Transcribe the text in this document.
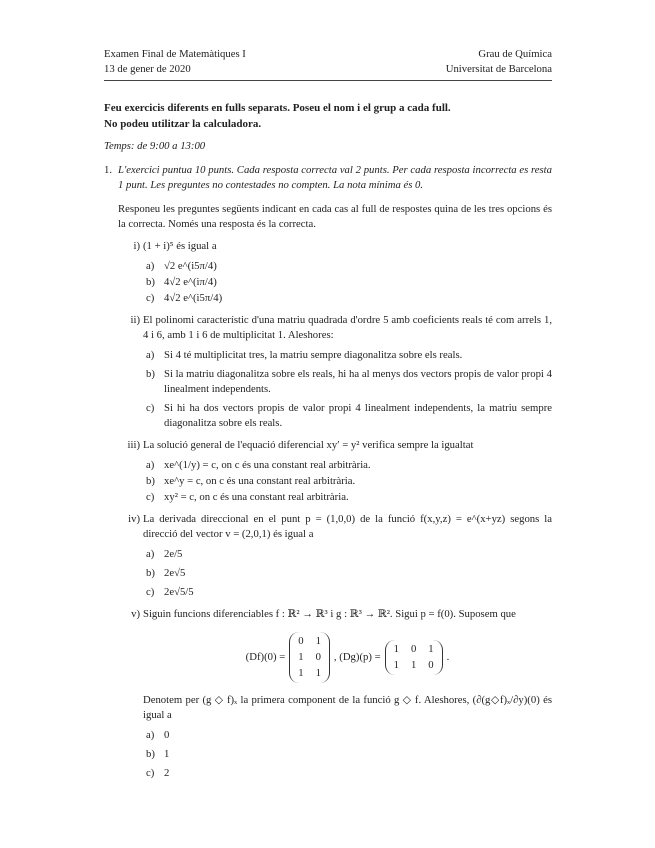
Examen Final de Matemàtiques I	Grau de Química
13 de gener de 2020	Universitat de Barcelona
Feu exercicis diferents en fulls separats. Poseu el nom i el grup a cada full.
No podeu utilitzar la calculadora.
Temps: de 9:00 a 13:00
1. L'exercici puntua 10 punts. Cada resposta correcta val 2 punts. Per cada resposta incorrecta es resta 1 punt. Les preguntes no contestades no compten. La nota mínima és 0.
Responeu les preguntes següents indicant en cada cas al full de respostes quina de les tres opcions és la correcta. Només una resposta és la correcta.
i) (1 + i)⁵ és igual a
a) √2 e^(i5π/4)
b) 4√2 e^(iπ/4)
c) 4√2 e^(i5π/4)
ii) El polinomi característic d'una matriu quadrada d'ordre 5 amb coeficients reals té com arrels 1, 4 i 6, amb 1 i 6 de multiplicitat 1. Aleshores:
a) Si 4 té multiplicitat tres, la matriu sempre diagonalitza sobre els reals.
b) Si la matriu diagonalitza sobre els reals, hi ha al menys dos vectors propis de valor propi 4 linealment independents.
c) Si hi ha dos vectors propis de valor propi 4 linealment independents, la matriu sempre diagonalitza sobre els reals.
iii) La solució general de l'equació diferencial xy′ = y² verifica sempre la igualtat
a) xe^(1/y) = c, on c és una constant real arbitrària.
b) xe^y = c, on c és una constant real arbitrària.
c) xy² = c, on c és una constant real arbitrària.
iv) La derivada direccional en el punt p = (1,0,0) de la funció f(x,y,z) = e^(x+yz) segons la direcció del vector v = (2,0,1) és igual a
a) 2e/5
b) 2e√5
c) 2e√5/5
v) Siguin funcions diferenciables f : ℝ² → ℝ³ i g : ℝ³ → ℝ². Sigui p = f(0). Suposem que
(Df)(0) =
0 1
1 0
1 1
, (Dg)(p) =
1 0 1
1 1 0
.
Denotem per (g ◇ f)ₓ la primera component de la funció g ◇ f. Aleshores, (∂(g◇f)ₓ/∂y)(0) és igual a
a) 0
b) 1
c) 2
